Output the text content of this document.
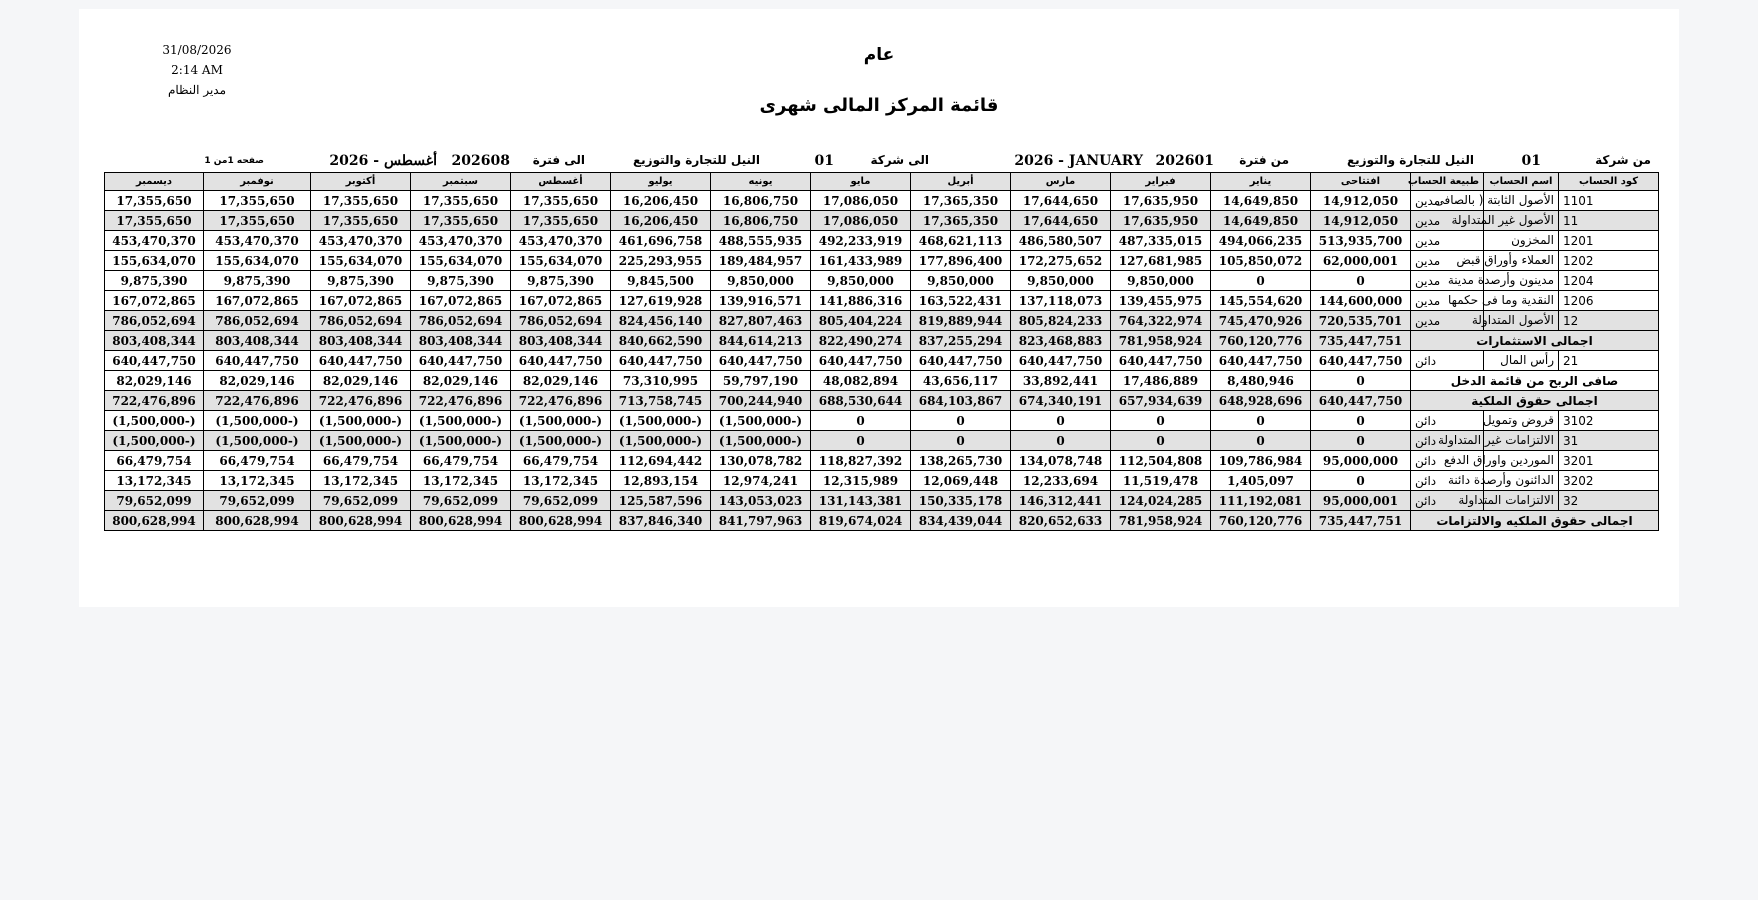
31/08/2026
2:14 AM
مدير النظام
عام
قائمة المركز المالى شهرى
من شركة
01
النيل للتجارة والتوزيع
من فترة
202601
2026 - JANUARY
الى شركة
01
النيل للتجارة والتوزيع
الى فترة
202608
2026 - أغسطس
صفحه 1من 1
كود الحساب	اسم الحساب	طبيعة الحساب	افتتاحى	يناير	فبراير	مارس	أبريل	مايو	يونيه	يوليو	أغسطس	سبتمبر	أكتوبر	نوفمبر	ديسمبر
1101	الأصول الثابتة ( بالصافى	مدين	14,912,050	14,649,850	17,635,950	17,644,650	17,365,350	17,086,050	16,806,750	16,206,450	17,355,650	17,355,650	17,355,650	17,355,650	17,355,650
11	الأصول غير المتداولة	مدين	14,912,050	14,649,850	17,635,950	17,644,650	17,365,350	17,086,050	16,806,750	16,206,450	17,355,650	17,355,650	17,355,650	17,355,650	17,355,650
1201	المخزون	مدين	513,935,700	494,066,235	487,335,015	486,580,507	468,621,113	492,233,919	488,555,935	461,696,758	453,470,370	453,470,370	453,470,370	453,470,370	453,470,370
1202	العملاء وأوراق قبض	مدين	62,000,001	105,850,072	127,681,985	172,275,652	177,896,400	161,433,989	189,484,957	225,293,955	155,634,070	155,634,070	155,634,070	155,634,070	155,634,070
1204	مدينون وأرصدة مدينة	مدين	0	0	9,850,000	9,850,000	9,850,000	9,850,000	9,850,000	9,845,500	9,875,390	9,875,390	9,875,390	9,875,390	9,875,390
1206	النقدية وما فى حكمها	مدين	144,600,000	145,554,620	139,455,975	137,118,073	163,522,431	141,886,316	139,916,571	127,619,928	167,072,865	167,072,865	167,072,865	167,072,865	167,072,865
12	الأصول المتداولة	مدين	720,535,701	745,470,926	764,322,974	805,824,233	819,889,944	805,404,224	827,807,463	824,456,140	786,052,694	786,052,694	786,052,694	786,052,694	786,052,694
اجمالى الاستثمارات			735,447,751	760,120,776	781,958,924	823,468,883	837,255,294	822,490,274	844,614,213	840,662,590	803,408,344	803,408,344	803,408,344	803,408,344	803,408,344
21	رأس المال	دائن	640,447,750	640,447,750	640,447,750	640,447,750	640,447,750	640,447,750	640,447,750	640,447,750	640,447,750	640,447,750	640,447,750	640,447,750	640,447,750
صافى الربح من قائمة الدخل			0	8,480,946	17,486,889	33,892,441	43,656,117	48,082,894	59,797,190	73,310,995	82,029,146	82,029,146	82,029,146	82,029,146	82,029,146
اجمالى حقوق الملكية			640,447,750	648,928,696	657,934,639	674,340,191	684,103,867	688,530,644	700,244,940	713,758,745	722,476,896	722,476,896	722,476,896	722,476,896	722,476,896
3102	قروض وتمويل	دائن	0	0	0	0	0	0	(1,500,000-)	(1,500,000-)	(1,500,000-)	(1,500,000-)	(1,500,000-)	(1,500,000-)	(1,500,000-)
31	الالتزامات غير المتداولة	دائن	0	0	0	0	0	0	(1,500,000-)	(1,500,000-)	(1,500,000-)	(1,500,000-)	(1,500,000-)	(1,500,000-)	(1,500,000-)
3201	الموردين واوراق الدفع	دائن	95,000,000	109,786,984	112,504,808	134,078,748	138,265,730	118,827,392	130,078,782	112,694,442	66,479,754	66,479,754	66,479,754	66,479,754	66,479,754
3202	الدائنون وأرصدة دائنة	دائن	0	1,405,097	11,519,478	12,233,694	12,069,448	12,315,989	12,974,241	12,893,154	13,172,345	13,172,345	13,172,345	13,172,345	13,172,345
32	الالتزامات المتداولة	دائن	95,000,001	111,192,081	124,024,285	146,312,441	150,335,178	131,143,381	143,053,023	125,587,596	79,652,099	79,652,099	79,652,099	79,652,099	79,652,099
اجمالى حقوق الملكيه والالتزامات			735,447,751	760,120,776	781,958,924	820,652,633	834,439,044	819,674,024	841,797,963	837,846,340	800,628,994	800,628,994	800,628,994	800,628,994	800,628,994
